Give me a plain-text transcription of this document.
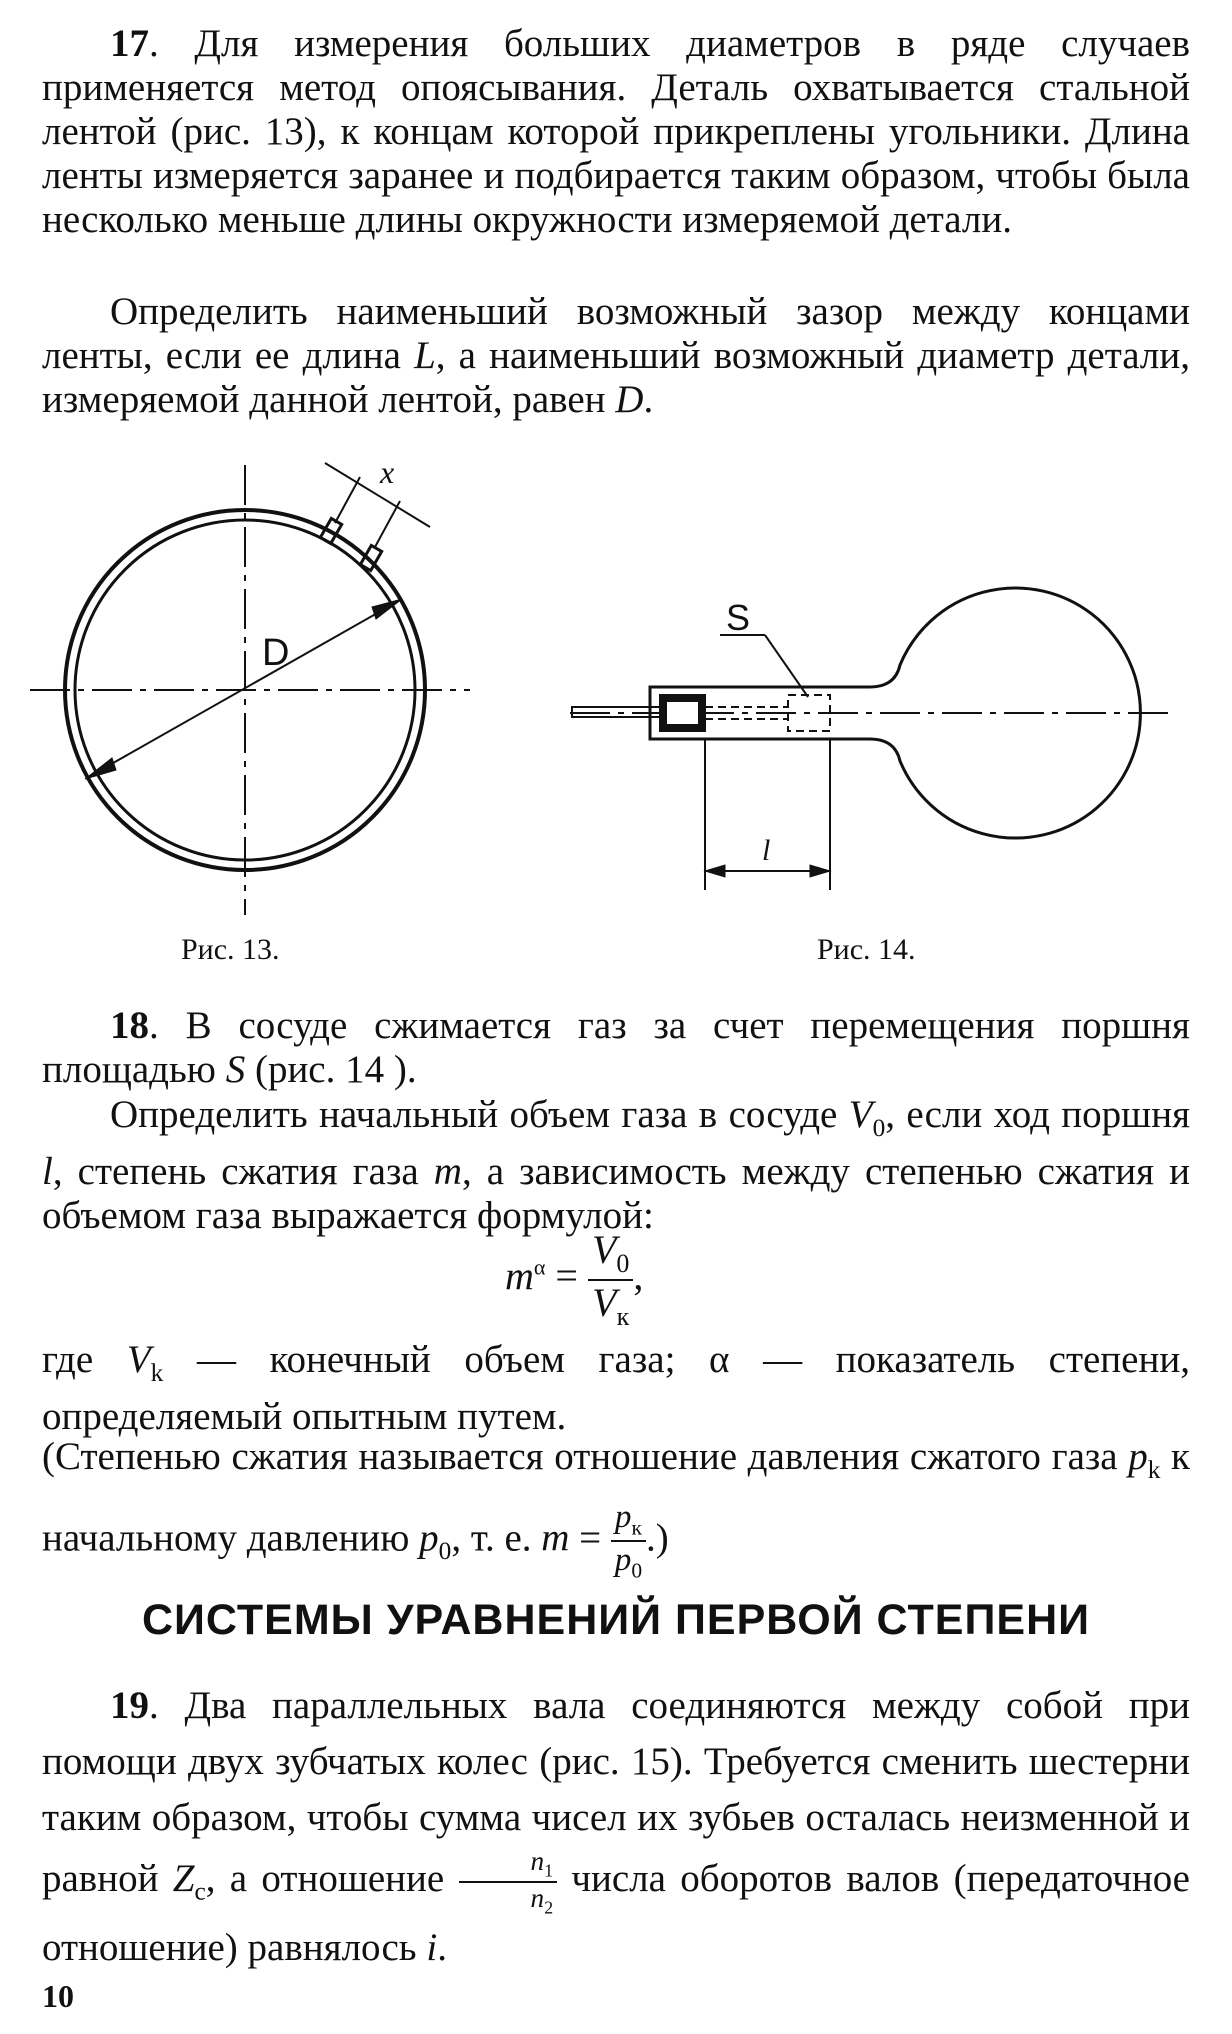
17. Для измерения больших диаметров в ряде случаев применяется метод опоясывания. Деталь охватывается стальной лентой (рис. 13), к концам которой прикреплены угольники. Длина ленты измеряется заранее и подбирается таким образом, чтобы была несколько меньше длины окружности измеряемой детали.

Определить наименьший возможный зазор между концами ленты, если ее длина L, а наименьший возможный диаметр детали, измеряемой данной лентой, равен D.

D
x
Рис. 13.
S
l
Рис. 14.

18. В сосуде сжимается газ за счет перемещения поршня площадью S (рис. 14 ).

Определить начальный объем газа в сосуде $V_0$, если ход поршня l, степень сжатия газа m, а зависимость между степенью сжатия и объемом газа выражается формулой:

$m^\alpha = \frac{V_0}{V_к}$ ,

где $V_k$ — конечный объем газа; α — показатель степени, определяемый опытным путем.

(Степенью сжатия называется отношение давления сжатого газа $p_k$ к начальному давлению $p_0$, т. е. $m = \frac{p_к}{p_0}$ .)

СИСТЕМЫ УРАВНЕНИЙ ПЕРВОЙ СТЕПЕНИ

19. Два параллельных вала соединяются между собой при помощи двух зубчатых колес (рис. 15). Требуется сменить шестерни таким образом, чтобы сумма чисел их зубьев осталась неизменной и равной $Z_с$, а отношение $\frac{n_1}{n_2}$ числа оборотов валов (передаточное отношение) равнялось i.

10
